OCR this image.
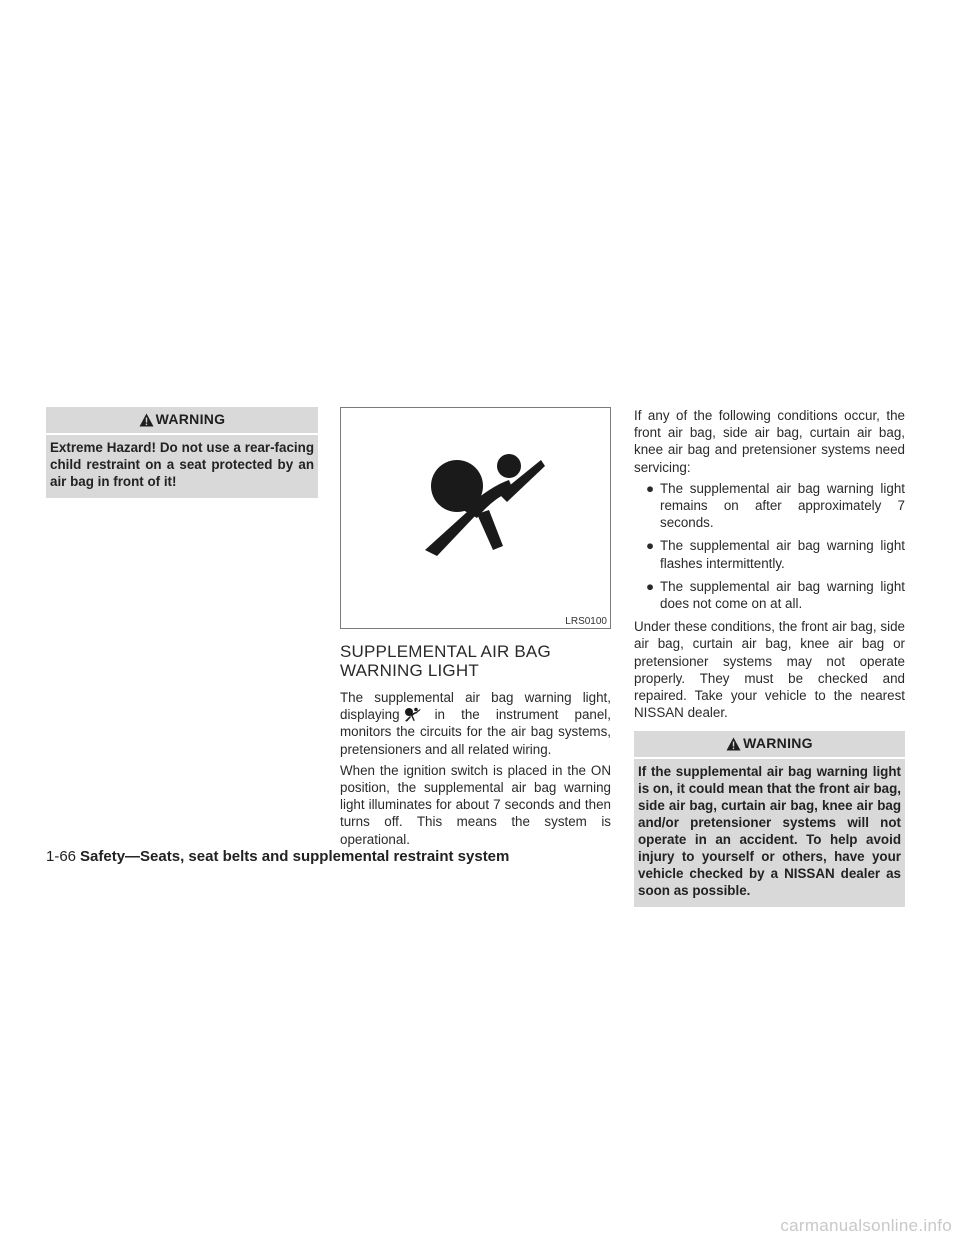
WARNING
Extreme Hazard! Do not use a rear-facing child restraint on a seat protected by an air bag in front of it!
LRS0100
SUPPLEMENTAL AIR BAG
WARNING LIGHT

The supplemental air bag warning light, displaying	in the instrument panel, monitors the circuits for the air bag systems, pretensioners and all related wiring.

When the ignition switch is placed in the ON position, the supplemental air bag warning light illuminates for about 7 seconds and then turns off. This means the system is operational.

If any of the following conditions occur, the front air bag, side air bag, curtain air bag, knee air bag and pretensioner systems need servicing:

● The supplemental air bag warning light remains on after approximately 7 seconds.
● The supplemental air bag warning light flashes intermittently.
● The supplemental air bag warning light does not come on at all.

Under these conditions, the front air bag, side air bag, curtain air bag, knee air bag or pretensioner systems may not operate properly. They must be checked and repaired. Take your vehicle to the nearest NISSAN dealer.

WARNING
If the supplemental air bag warning light is on, it could mean that the front air bag, side air bag, curtain air bag, knee air bag and/or pretensioner systems will not operate in an accident. To help avoid injury to yourself or others, have your vehicle checked by a NISSAN dealer as soon as possible.
1-66 Safety—Seats, seat belts and supplemental restraint system
carmanualsonline.info
